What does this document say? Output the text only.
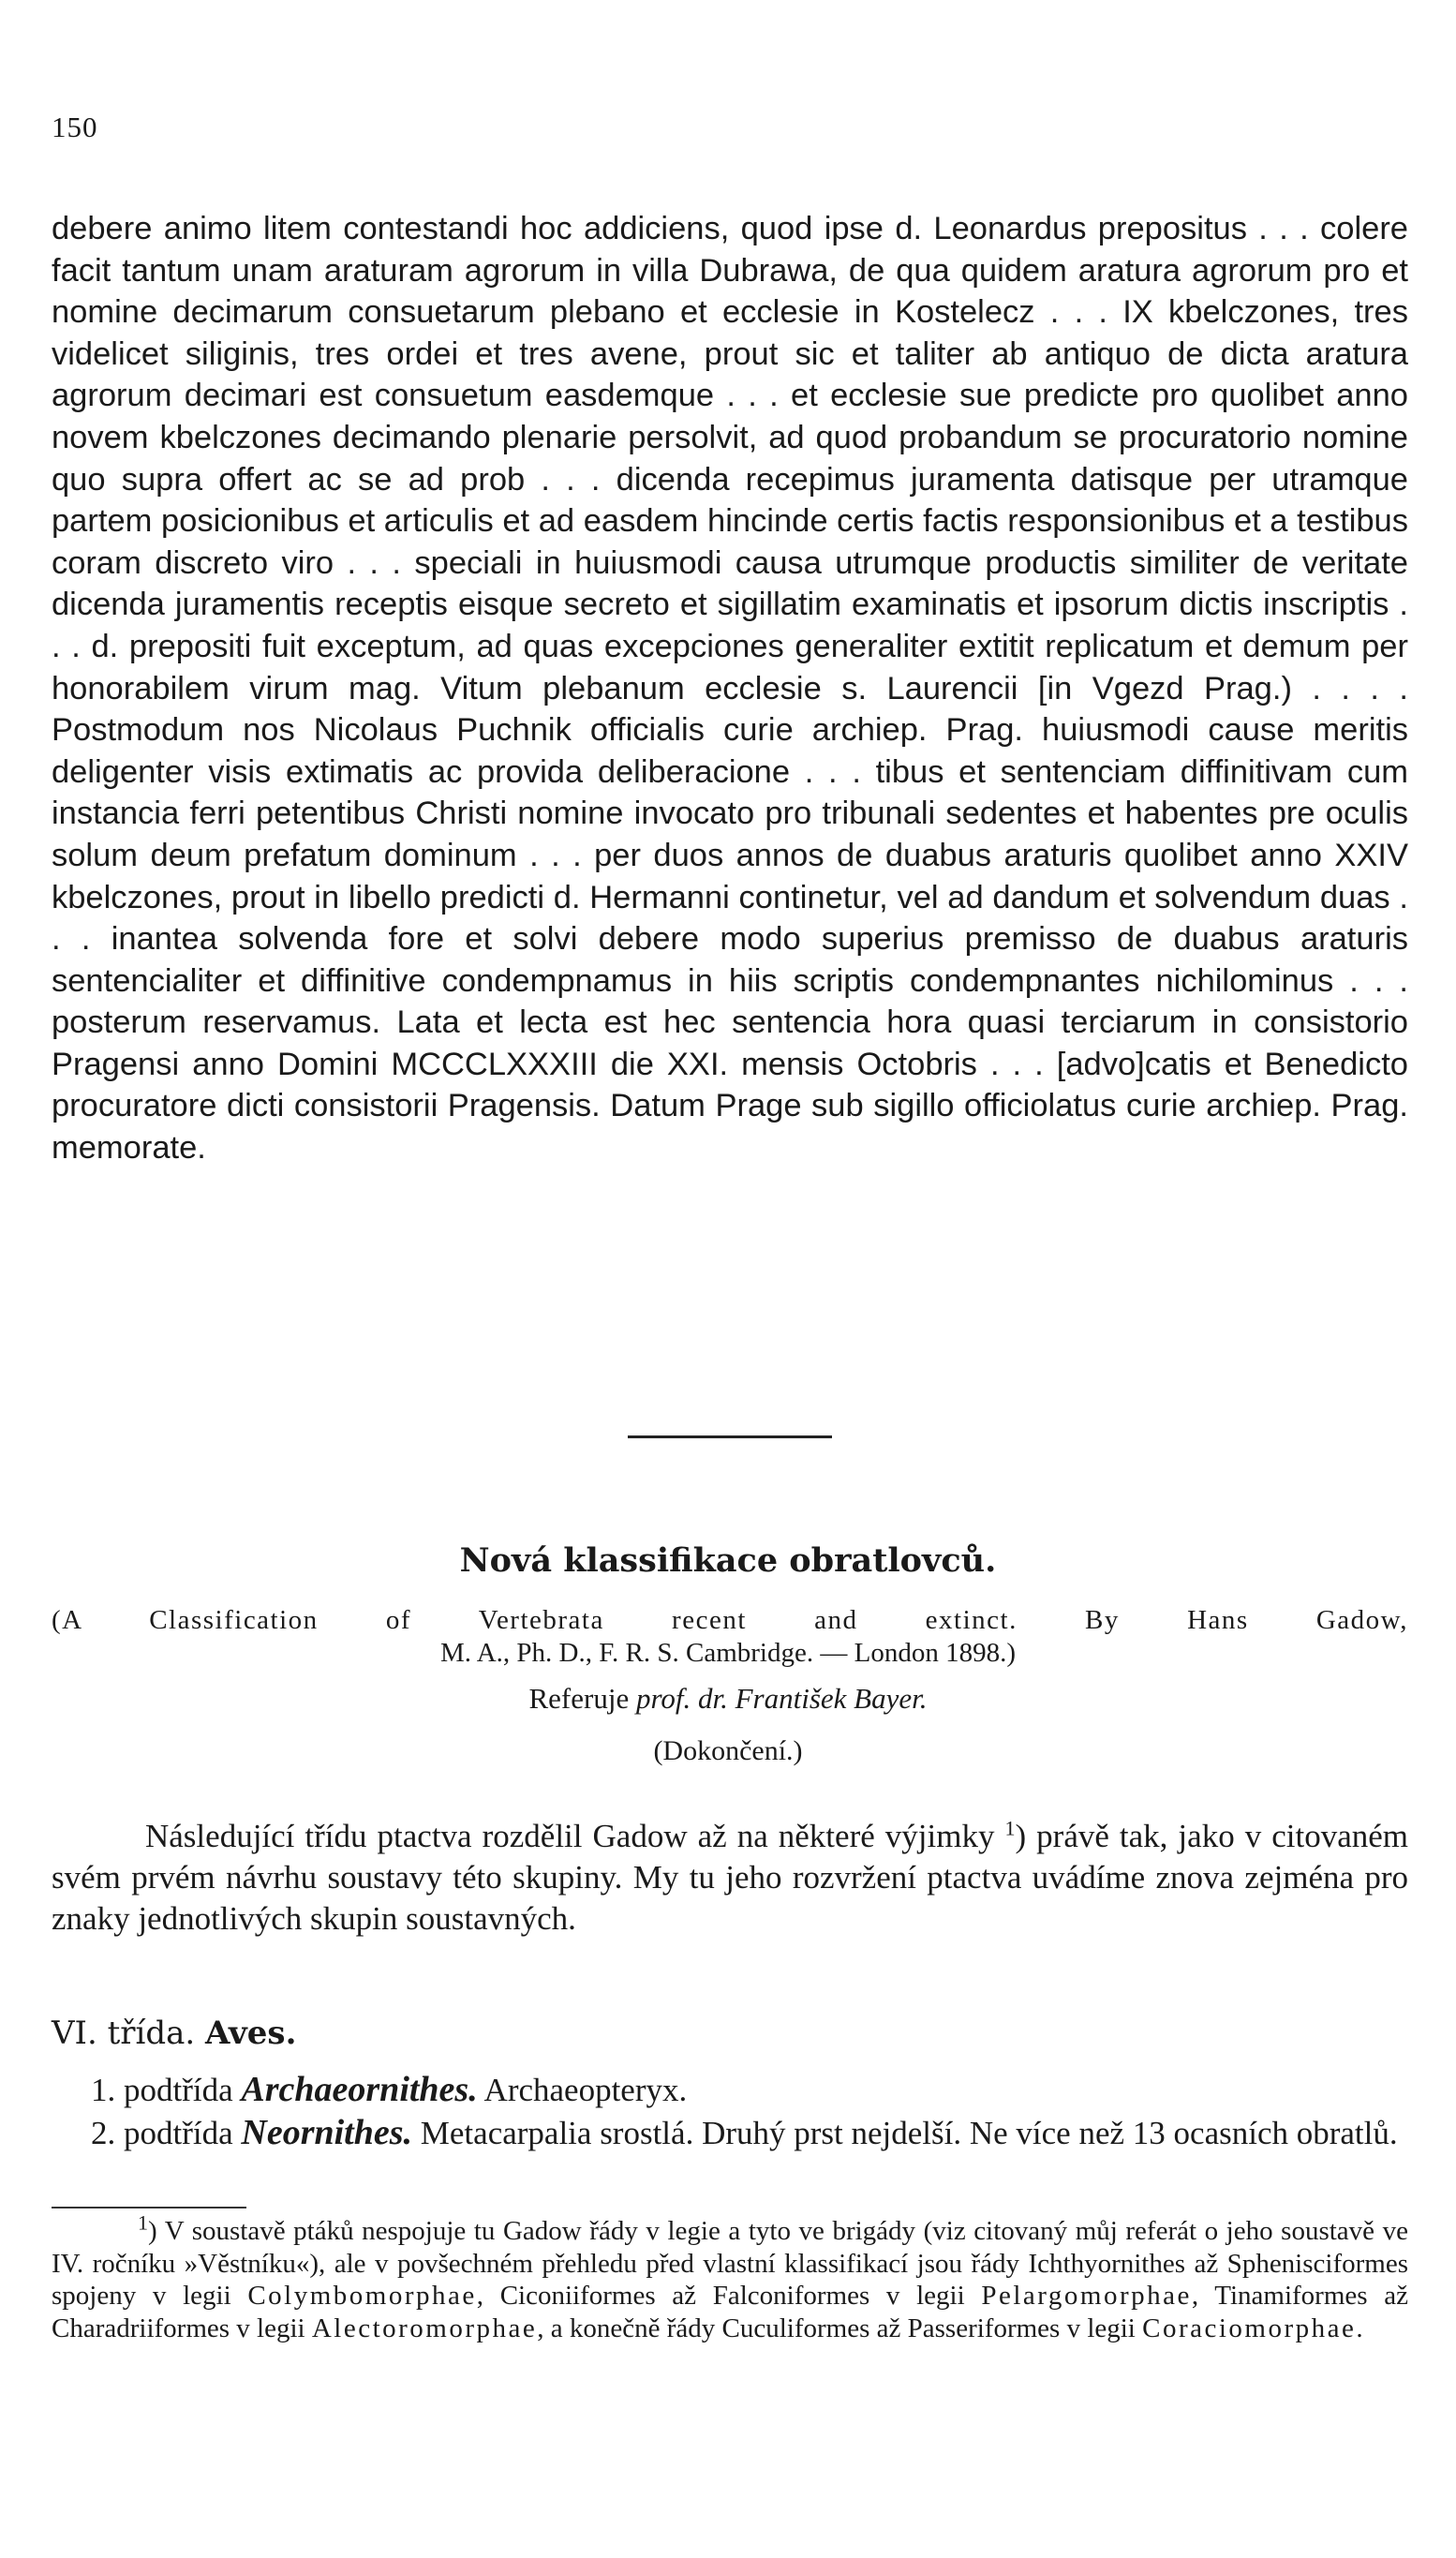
150

debere animo litem contestandi hoc addiciens, quod ipse d. Leonardus prepositus . . . colere facit tantum unam araturam agrorum in villa Dubrawa, de qua quidem aratura agrorum pro et nomine decimarum consuetarum plebano et ecclesie in Kostelecz . . . IX kbelczones, tres videlicet siliginis, tres ordei et tres avene, prout sic et taliter ab antiquo de dicta aratura agrorum decimari est consuetum easdemque . . . et ecclesie sue predicte pro quolibet anno novem kbelczones decimando plenarie persolvit, ad quod probandum se procuratorio nomine quo supra offert ac se ad prob . . . dicenda recepimus juramenta datisque per utramque partem posicionibus et articulis et ad easdem hincinde certis factis responsionibus et a testibus coram discreto viro . . . speciali in huiusmodi causa utrumque productis similiter de veritate dicenda juramentis receptis eisque secreto et sigillatim examinatis et ipsorum dictis inscriptis . . . d. prepositi fuit exceptum, ad quas excepciones generaliter extitit replicatum et demum per honorabilem virum mag. Vitum plebanum ecclesie s. Laurencii [in Vgezd Prag.) . . . . Postmodum nos Nicolaus Puchnik officialis curie archiep. Prag. huiusmodi cause meritis deligenter visis extimatis ac provida deliberacione . . . tibus et sentenciam diffinitivam cum instancia ferri petentibus Christi nomine invocato pro tribunali sedentes et habentes pre oculis solum deum prefatum dominum . . . per duos annos de duabus araturis quolibet anno XXIV kbelczones, prout in libello predicti d. Hermanni continetur, vel ad dandum et solvendum duas . . . inantea solvenda fore et solvi debere modo superius premisso de duabus araturis sentencialiter et diffinitive condempnamus in hiis scriptis condempnantes nichilominus . . . posterum reservamus. Lata et lecta est hec sentencia hora quasi terciarum in consistorio Pragensi anno Domini MCCCLXXXIII die XXI. mensis Octobris . . . [advo]catis et Benedicto procuratore dicti consistorii Pragensis. Datum Prage sub sigillo officiolatus curie archiep. Prag. memorate.

Nová klassifikace obratlovců.
(A Classification of Vertebrata recent and extinct. By Hans Gadow,
M. A., Ph. D., F. R. S. Cambridge. — London 1898.)
Referuje prof. dr. František Bayer.
(Dokončení.)

Následující třídu ptactva rozdělil Gadow až na některé výjimky $^1$) právě tak, jako v citovaném svém prvém návrhu soustavy této skupiny. My tu jeho rozvržení ptactva uvádíme znova zejména pro znaky jednotlivých skupin soustavných.

VI. třída. Aves.

1. podtřída Archaeornithes. Archaeopteryx.

2. podtřída Neornithes. Metacarpalia srostlá. Druhý prst nejdelší. Ne více než 13 ocasních obratlů.

$^1$) V soustavě ptáků nespojuje tu Gadow řády v legie a tyto ve brigády (viz citovaný můj referát o jeho soustavě ve IV. ročníku »Věstníku«), ale v povšechném přehledu před vlastní klassifikací jsou řády Ichthyornithes až Sphenisciformes spojeny v legii Colymbomorphae, Ciconiiformes až Falconiformes v legii Pelargomorphae, Tinamiformes až Charadriiformes v legii Alectoromorphae, a konečně řády Cuculiformes až Passeriformes v legii Coraciomorphae.
